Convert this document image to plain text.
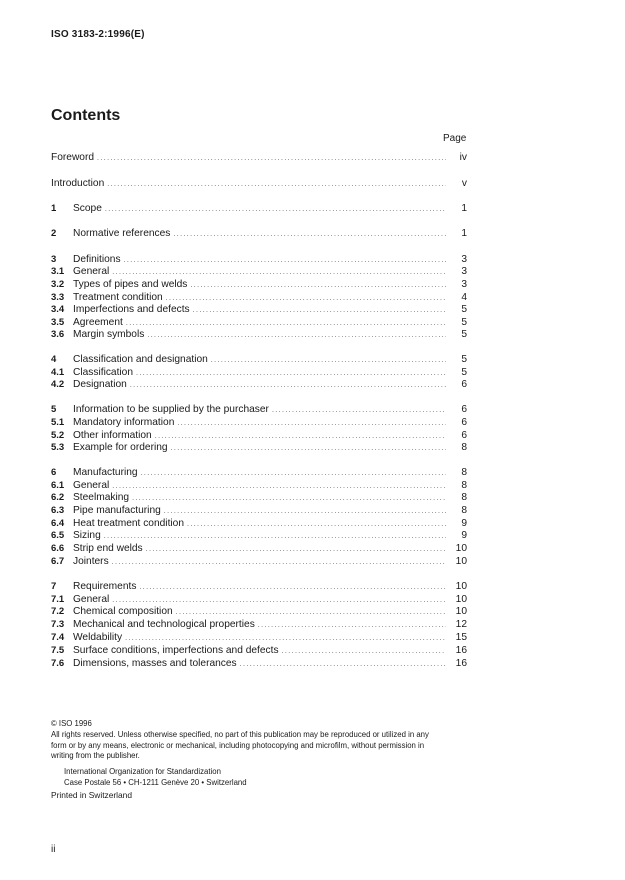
ISO 3183-2:1996(E)
Contents
Page
Foreword .....	iv
Introduction .....	v
1	Scope .....	1
2	Normative references .....	1
3	Definitions .....	3
3.1 General .....	3
3.2 Types of pipes and welds .....	3
3.3 Treatment condition .....	4
3.4 Imperfections and defects .....	5
3.5 Agreement .....	5
3.6 Margin symbols .....	5
4	Classification and designation .....	5
4.1 Classification .....	5
4.2 Designation .....	6
5	Information to be supplied by the purchaser .....	6
5.1 Mandatory information .....	6
5.2 Other information .....	6
5.3 Example for ordering .....	8
6	Manufacturing .....	8
6.1 General .....	8
6.2 Steelmaking .....	8
6.3 Pipe manufacturing .....	8
6.4 Heat treatment condition .....	9
6.5 Sizing .....	9
6.6 Strip end welds .....	10
6.7 Jointers .....	10
7	Requirements .....	10
7.1 General .....	10
7.2 Chemical composition .....	10
7.3 Mechanical and technological properties .....	12
7.4 Weldability .....	15
7.5 Surface conditions, imperfections and defects .....	16
7.6 Dimensions, masses and tolerances .....	16
© ISO 1996
All rights reserved. Unless otherwise specified, no part of this publication may be reproduced or utilized in any form or by any means, electronic or mechanical, including photocopying and microfilm, without permission in writing from the publisher.
International Organization for Standardization
Case Postale 56 • CH-1211 Genève 20 • Switzerland
Printed in Switzerland
ii
